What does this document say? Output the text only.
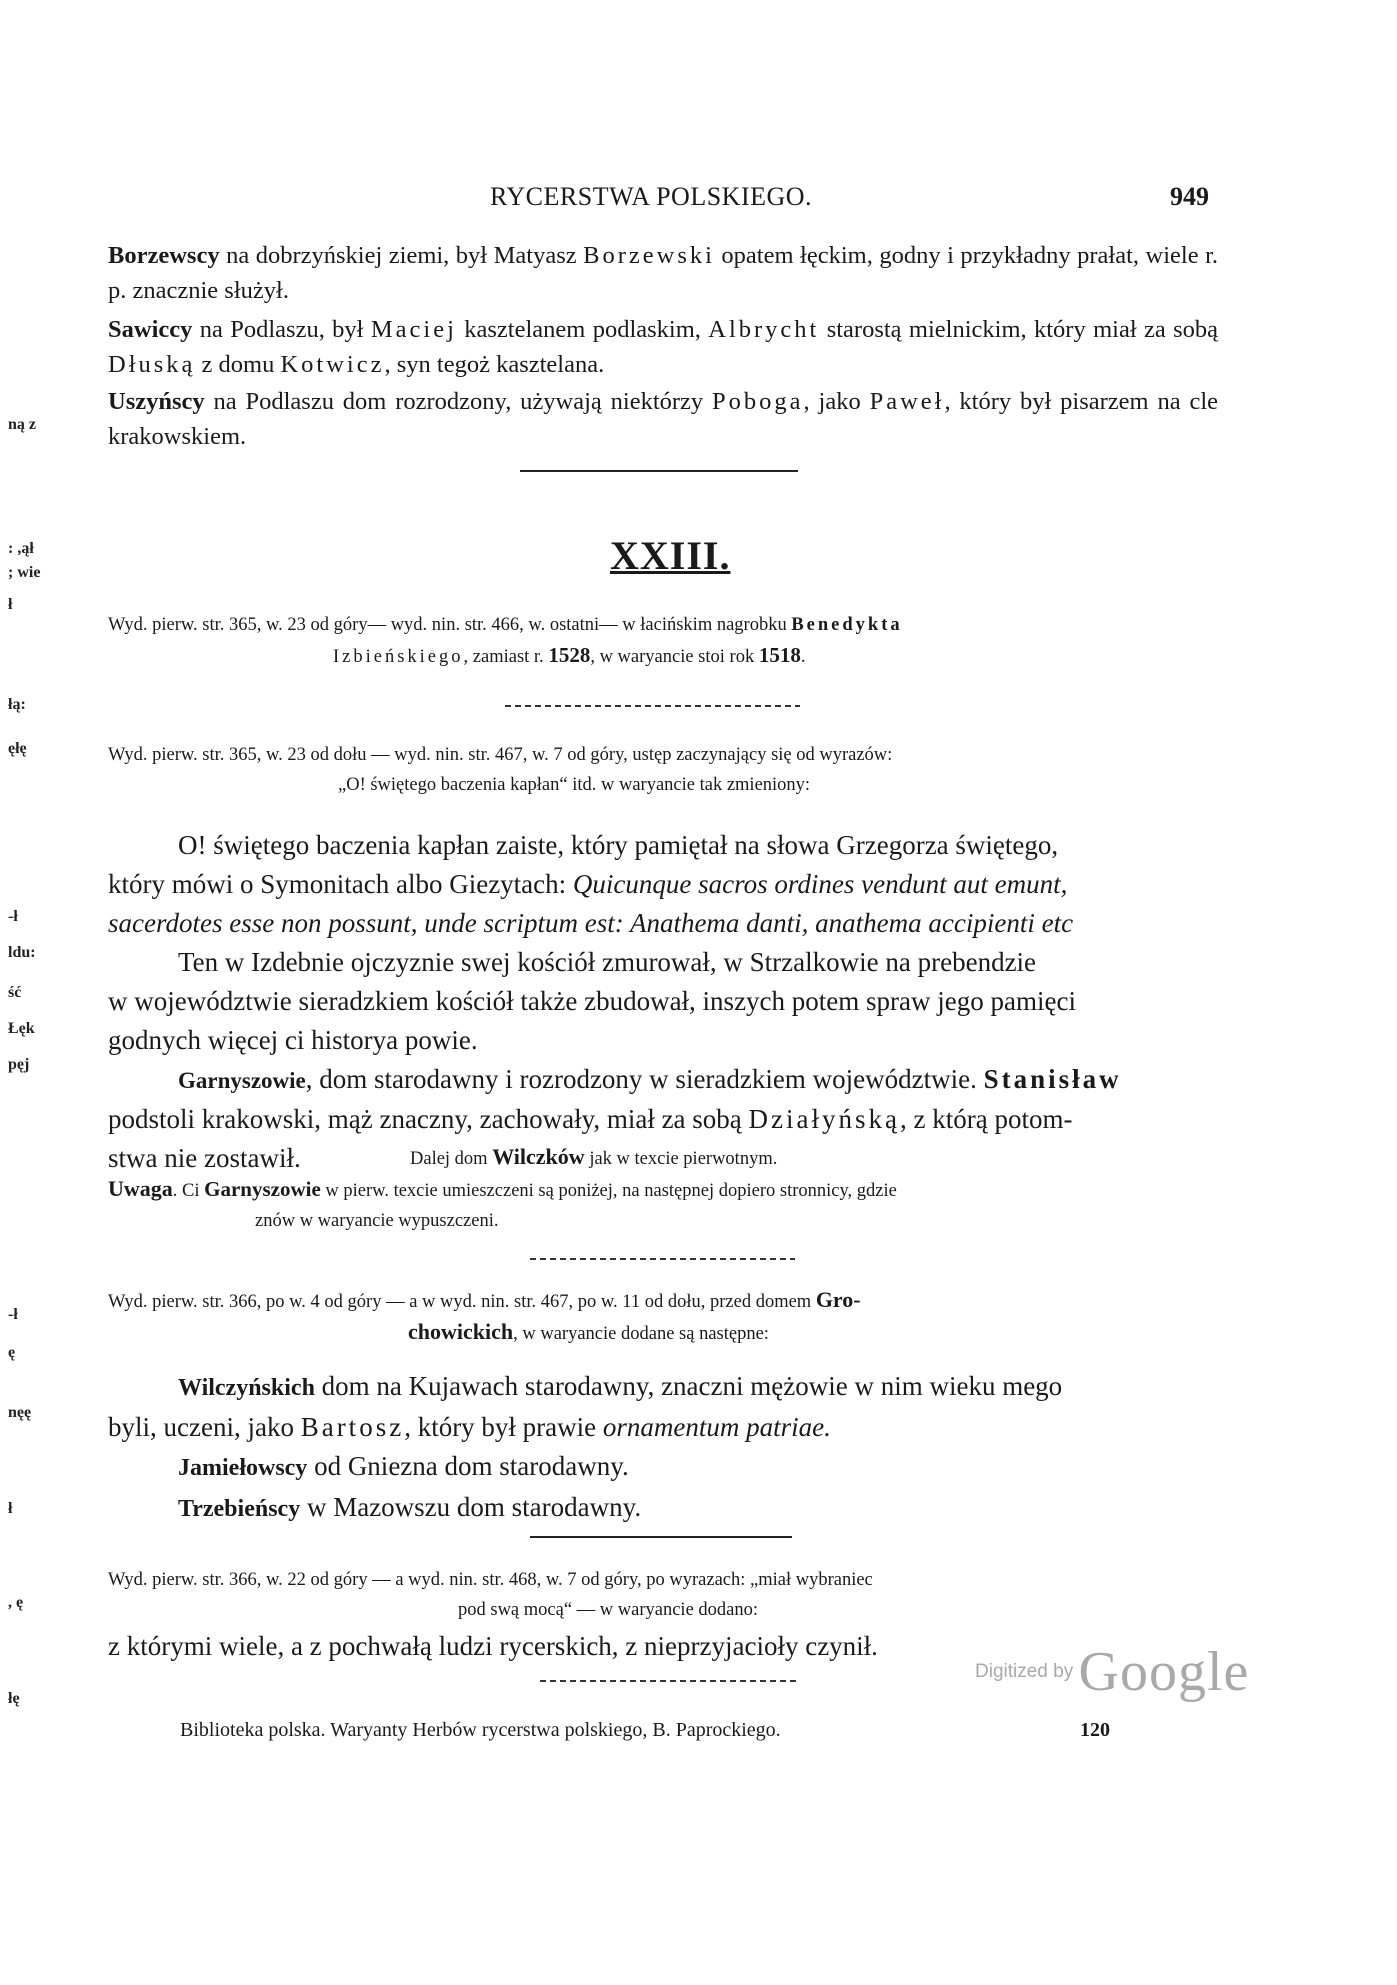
RYCERSTWA POLSKIEGO.	949
Borzewscy na dobrzyńskiej ziemi, był Matyasz Borzewski opatem łęckim, godny i przykładny prałat, wiele r. p. znacznie służył.
Sawiccy na Podlaszu, był Maciej kasztelanem podlaskim, Albrycht starostą mielnickim, który miał za sobą Dłuską z domu Kotwicz, syn tegoż kasztelana.
Uszyńscy na Podlaszu dom rozrodzony, używają niektórzy Pobogа, jako Paweł, który był pisarzem na cle krakowskiem.
XXIII.
Wyd. pierw. str. 365, w. 23 od góry— wyd. nin. str. 466, w. ostatni— w łacińskim nagrobku Benedykta
Izbieńskiego, zamiast r. 1528, w waryancie stoi rok 1518.
Wyd. pierw. str. 365, w. 23 od dołu — wyd. nin. str. 467, w. 7 od góry, ustęp zaczynający się od wyrazów:
„O! świętego baczenia kapłan“ itd. w waryancie tak zmieniony:
O! świętego baczenia kapłan zaiste, który pamiętał na słowa Grzegorza świętego,
który mówi o Symonitach albo Giezytach: Quicunque sacros ordines vendunt aut emunt,
sacerdotes esse non possunt, unde scriptum est: Anathema danti, anathema accipienti etc
Ten w Izdebnie ojczyznie swej kościół zmurował, w Strzalkowie na prebendzie
w województwie sieradzkiem kościół także zbudował, inszych potem spraw jego pamięci
godnych więcej ci historya powie.
Garnyszowie, dom starodawny i rozrodzony w sieradzkiem województwie. Stanisław
podstoli krakowski, mąż znaczny, zachowały, miał za sobą Działyńską, z którą potom-
stwa nie zostawił.	Dalej dom Wilczków jak w texcie pierwotnym.
Uwaga. Ci Garnyszowie w pierw. texcie umieszczeni są poniżej, na następnej dopiero stronnicy, gdzie
znów w waryancie wypuszczeni.
Wyd. pierw. str. 366, po w. 4 od góry — a w wyd. nin. str. 467, po w. 11 od dołu, przed domem Gro-
chowickich, w waryancie dodane są następne:
Wilczyńskich dom na Kujawach starodawny, znaczni mężowie w nim wieku mego
byli, uczeni, jako Bartosz, który był prawie ornamentum patriae.
Jamiełowscy od Gniezna dom starodawny.
Trzebieńscy w Mazowszu dom starodawny.
Wyd. pierw. str. 366, w. 22 od góry — a wyd. nin. str. 468, w. 7 od góry, po wyrazach: „miał wybraniec
pod swą mocą“ — w waryancie dodano:
z którymi wiele, a z pochwałą ludzi rycerskich, z nieprzyjacioły czynił.
Biblioteka polska. Waryanty Herbów rycerstwa polskiego, B. Paprockiego.	120
Digitized by Google
ną z
: ,ął
; wie
ł
łą:
ęłę
-ł
ldu:
ść
Łęk
pęj
-ł
ę
nęę
ł
, ę
łę
